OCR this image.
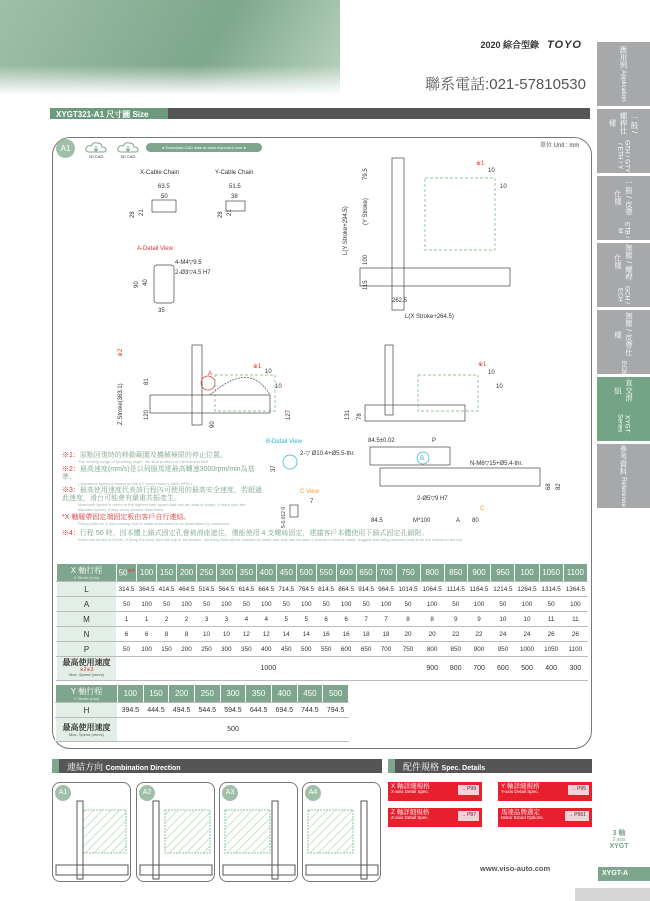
2020 綜合型錄 TOYO
聯系電話:021-57810530
XYGT321-A1 尺寸圖 Size
應用例
Application
一般 / 螺桿仕樣
GTH / GTY / ETH / Y
一般 / 皮帶仕樣
ETB / M
無塵 / 螺桿仕樣
GCH / ECH
無塵 / 皮帶仕樣
ECB
直交滑組
XYGT Series
參考資料
Reference
單位 Unit : mm
A1
2D CAD	3D CAD
● Download CAD data at www.toyorobot.com ●
X-Cable Chain	Y-Cable Chain
63.5
50
28 21
51.5
38
28 21
A-Detail View
4-M4▽9.5
2-Ø3▽4.5 H7
90 40
35
L(Y Stroke+294.5) (Y Stroke)
79.5
115
100
262.5
L(X Stroke+264.5)
※1
10
10
※2
Z Stroke(363.1)	120
81
A
※1
10
10
90
127	131 78
※1
10
10
B-Detail View
2-▽ Ø10.4+Ø5.5-thr.
37
C View
7
5-0.012 0
84.5±0.02	P
B
N-M6▽15+Ø5.4-thr.
68 82
2-Ø5▽9 H7
C
84.5	M*100	A 80
※1：原點回復時的移動範圍及機械極限的停止位置。
The moving range of returning origin, the stop position of mechanical limit.
※2：最高速度(mm/s)是以伺服馬達最高轉速3000rpm/min為基準。
( Maximum speed is based on the AC servo motor's 3000 RPM )
※3：最高使用速度代表該行程內可使用的最高安全速度，若超過此速度，滑台可能會有嚴重共振產生。
Maximum speed is refers to the highest safe speed that can be used in stroke, if more than the standard speed, it may occur serious resonance.
*X 軸履帶固定端固定板由客戶自行連結。
Fixing plate for X axis moving end of cable chain need to be assembled by customers.
※4：行程 50 時，因本體上鎖式固定孔會被滑座遮住，僅能使用 4 支螺絲固定，建議客戶本體使用下鎖式固定孔鎖附。
When the stroke is 50mm, if fixing the body from the top to the bottom, the fixing hole will be blocked by slider and only can be uses 4 screws to fixes a result, suggest that fixing actuator body from the bottom to the top.
X 軸行程
X Stroke (mm)	50$^{※4}$	100	150	200	250	300	350	400	450	500	550	600	650	700	750	800	850	900	950	100	1050	1100
L	314.5	364.5	414.5	464.5	514.5	564.5	614.5	664.5	714.5	764.5	814.5	864.5	914.5	964.5	1014.5	1064.5	1114.5	1164.5	1214.5	1264.5	1314.5	1364.5
A	50	100	50	100	50	100	50	100	50	100	50	100	50	100	50	100	50	100	50	100	50	100
M	1	1	2	2	3	3	4	4	5	5	6	6	7	7	8	8	9	9	10	10	11	11
N	6	6	8	8	10	10	12	12	14	14	16	16	18	18	20	20	22	22	24	24	26	26
P	50	100	150	200	250	300	350	400	450	500	550	600	650	700	750	800	850	900	950	1000	1050	1100
最高使用速度
※2※3
Max. Speed (mm/s)	1000															900	800	700	600	500	400	300
Y 軸行程
Y Stroke (mm)	100	150	200	250	300	350	400	450	500
H	394.5	444.5	494.5	544.5	594.5	644.5	694.5	744.5	794.5
最高使用速度
Max. Speed (mm/s)	500								
連結方向 Combination Direction	配件規格 Spec. Details
A1	A2	A3	A4
X 軸詳細規格
X-axis Detail Spec.	→ P99	Y 軸詳細規格
Y-axis Detail Spec.	→ P95
Z 軸詳細規格
Z-axis Detail Spec.	→ P87	馬達品牌選定
Motor Brand Options.	→ P561
3 軸
3 axis
XYGT
XYGT-A
www.viso-auto.com
